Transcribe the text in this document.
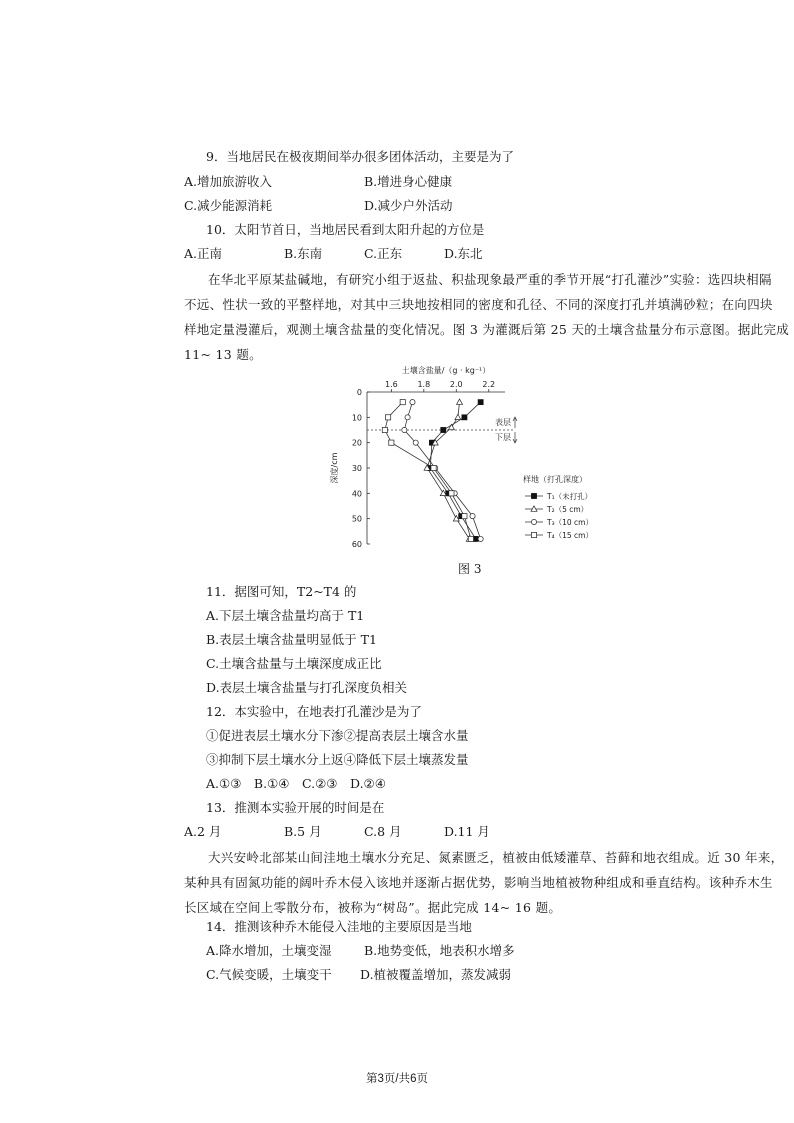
9．当地居民在极夜期间举办很多团体活动，主要是为了
A.增加旅游收入	B.增进身心健康
C.减少能源消耗	D.减少户外活动
10．太阳节首日，当地居民看到太阳升起的方位是
A.正南	B.东南	C.正东	D.东北
在华北平原某盐碱地，有研究小组于返盐、积盐现象最严重的季节开展“打孔灌沙”实验：选四块相隔
不远、性状一致的平整样地，对其中三块地按相同的密度和孔径、不同的深度打孔并填满砂粒；在向四块
样地定量漫灌后，观测土壤含盐量的变化情况。图 3 为灌溉后第 25 天的土壤含盐量分布示意图。据此完成
11~ 13 题。
土壤含盐量/（g · kg⁻¹）
1.6 1.8 2.0 2.2
0
10
20
30
40
50
60
深度/cm
表层
下层
样地（打孔深度）
T₁（未打孔）
T₂（5 cm）
T₃（10 cm）
T₄（15 cm）
图 3
11．据图可知，T2~T4 的
A.下层土壤含盐量均高于 T1
B.表层土壤含盐量明显低于 T1
C.土壤含盐量与土壤深度成正比
D.表层土壤含盐量与打孔深度负相关
12．本实验中，在地表打孔灌沙是为了
①促进表层土壤水分下渗②提高表层土壤含水量
③抑制下层土壤水分上返④降低下层土壤蒸发量
A.①③　B.①④　C.②③　D.②④
13．推测本实验开展的时间是在
A.2 月	B.5 月	C.8 月	D.11 月
大兴安岭北部某山间洼地土壤水分充足、氮素匮乏，植被由低矮灌草、苔藓和地衣组成。近 30 年来，
某种具有固氮功能的阔叶乔木侵入该地并逐渐占据优势，影响当地植被物种组成和垂直结构。该种乔木生
长区域在空间上零散分布，被称为“树岛”。据此完成 14~ 16 题。
14．推测该种乔木能侵入洼地的主要原因是当地
A.降水增加，土壤变湿	B.地势变低，地表积水增多
C.气候变暖，土壤变干 D.植被覆盖增加，蒸发减弱
第3页/共6页
